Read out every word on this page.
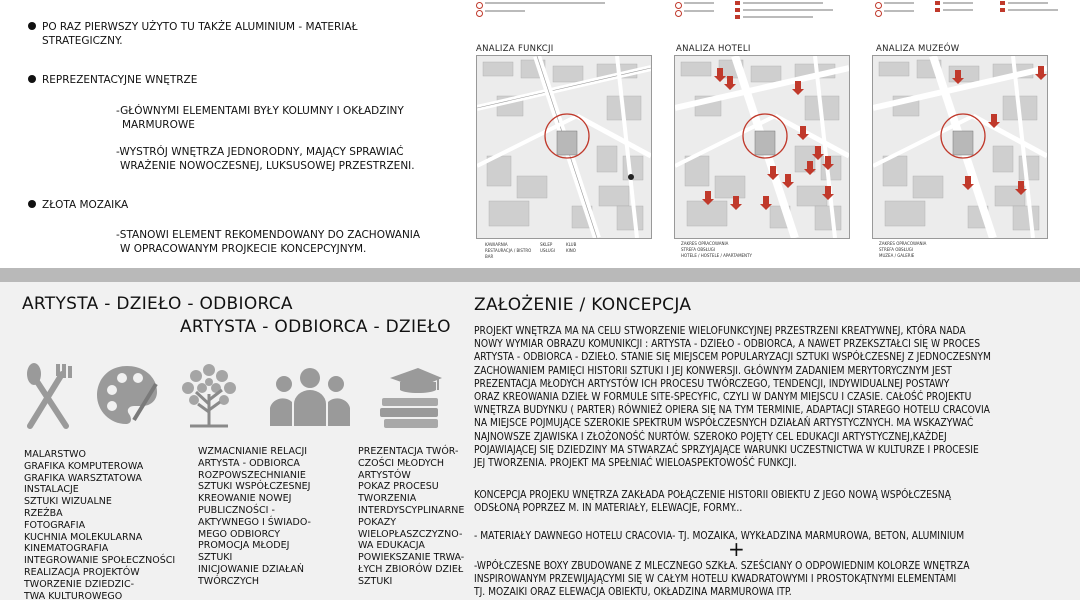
PO RAZ PIERWSZY UŻYTO TU TAKŻE ALUMINIUM - MATERIAŁ
STRATEGICZNY.
REPREZENTACYJNE WNĘTRZE
-GŁÓWNYMI ELEMENTAMI BYŁY KOLUMNY I OKŁADZINY
MARMUROWE
-WYSTRÓJ WNĘTRZA JEDNORODNY, MAJĄCY SPRAWIAĆ
WRAŻENIE NOWOCZESNEJ, LUKSUSOWEJ PRZESTRZENI.
ZŁOTA MOZAIKA
-STANOWI ELEMENT REKOMENDOWANY DO ZACHOWANIA
W OPRACOWANYM PROJKECIE KONCEPCYJNYM.
ANALIZA FUNKCJI
KAWIARNIA
RESTAURACJA / BISTRO
BAR
SKLEP
USŁUGI
KLUB
KINO
ANALIZA HOTELI
ZAKRES OPRACOWANIA
STREFA OBSŁUGI
HOTELE / HOSTELE / APARTAMENTY
ANALIZA MUZEÓW
ZAKRES OPRACOWANIA
STREFA OBSŁUGI
MUZEA / GALERIE
ARTYSTA - DZIEŁO - ODBIORCA
ARTYSTA - ODBIORCA - DZIEŁO
MALARSTWO
GRAFIKA KOMPUTEROWA
GRAFIKA WARSZTATOWA
INSTALACJE
SZTUKI WIZUALNE
RZEŹBA
FOTOGRAFIA
KUCHNIA MOLEKULARNA
KINEMATOGRAFIA
INTEGROWANIE SPOŁECZNOŚCI
REALIZACJA PROJEKTÓW
TWORZENIE DZIEDZIC-
TWA KULTUROWEGO
WZMACNIANIE RELACJI
ARTYSTA - ODBIORCA
ROZPOWSZECHNIANIE
SZTUKI WSPÓŁCZESNEJ
KREOWANIE NOWEJ
PUBLICZNOŚCI -
AKTYWNEGO I ŚWIADO-
MEGO ODBIORCY
PROMOCJA MŁODEJ
SZTUKI
INICJOWANIE DZIAŁAŃ
TWÓRCZYCH
PREZENTACJA TWÓR-
CZOŚCI MŁODYCH
ARTYSTÓW
POKAZ PROCESU
TWORZENIA
INTERDYSCYPLINARNE
POKAZY
WIELOPŁASZCZYZNO-
WA EDUKACJA
POWIEKSZANIE TRWA-
ŁYCH ZBIORÓW DZIEŁ
SZTUKI
ZAŁOŻENIE / KONCEPCJA
PROJEKT WNĘTRZA MA NA CELU STWORZENIE WIELOFUNKCYJNEJ PRZESTRZENI KREATYWNEJ, KTÓRA NADA
NOWY WYMIAR OBRAZU KOMUNIKCJI : ARTYSTA - DZIEŁO - ODBIORCA, A NAWET PRZEKSZTAŁCI SIĘ W PROCES
ARTYSTA - ODBIORCA - DZIEŁO. STANIE SIĘ MIEJSCEM POPULARYZACJI SZTUKI WSPÓŁCZESNEJ Z JEDNOCZESNYM
ZACHOWANIEM PAMIĘCI HISTORII SZTUKI I JEJ KONWERSJI. GŁÓWNYM ZADANIEM MERYTORYCZNYM JEST
PREZENTACJA MŁODYCH ARTYSTÓW ICH PROCESU TWÓRCZEGO, TENDENCJI, INDYWIDUALNEJ POSTAWY
ORAZ KREOWANIA DZIEŁ W FORMULE SITE-SPECYFIC, CZYLI W DANYM MIEJSCU I CZASIE. CAŁOŚĆ PROJEKTU
WNĘTRZA BUDYNKU ( PARTER) RÓWNIEŻ OPIERA SIĘ NA TYM TERMINIE, ADAPTACJI STAREGO HOTELU CRACOVIA
NA MIEJSCE POJMUJĄCE SZEROKIE SPEKTRUM WSPÓŁCZESNYCH DZIAŁAŃ ARTYSTYCZNYCH. MA WSKAZYWAĆ
NAJNOWSZE ZJAWISKA I ZŁOŻONOŚĆ NURTÓW. SZEROKO POJĘTY CEL EDUKACJI ARTYSTYCZNEJ,KAŻDEJ
POJAWIAJĄCEJ SIĘ DZIEDZINY MA STWARZAĆ SPRZYJAJĄCE WARUNKI UCZESTNICTWA W KULTURZE I PROCESIE
JEJ TWORZENIA. PROJEKT MA SPEŁNIAĆ WIELOASPEKTOWOŚĆ FUNKCJI.
KONCEPCJA PROJEKU WNĘTRZA ZAKŁADA POŁĄCZENIE HISTORII OBIEKTU Z JEGO NOWĄ WSPÓŁCZESNĄ
ODSŁONĄ POPRZEZ M. IN MATERIAŁY, ELEWACJE, FORMY...
- MATERIAŁY DAWNEGO HOTELU CRACOVIA- TJ. MOZAIKA, WYKŁADZINA MARMUROWA, BETON, ALUMINIUM
+
-WPÓŁCZESNE BOXY ZBUDOWANE Z MLECZNEGO SZKŁA. SZEŚCIANY O ODPOWIEDNIM KOLORZE WNĘTRZA
INSPIROWANYM PRZEWIJAJĄCYMI SIĘ W CAŁYM HOTELU KWADRATOWYMI I PROSTOKĄTNYMI ELEMENTAMI
TJ. MOZAIKI ORAZ ELEWACJA OBIEKTU, OKŁADZINA MARMUROWA ITP.
